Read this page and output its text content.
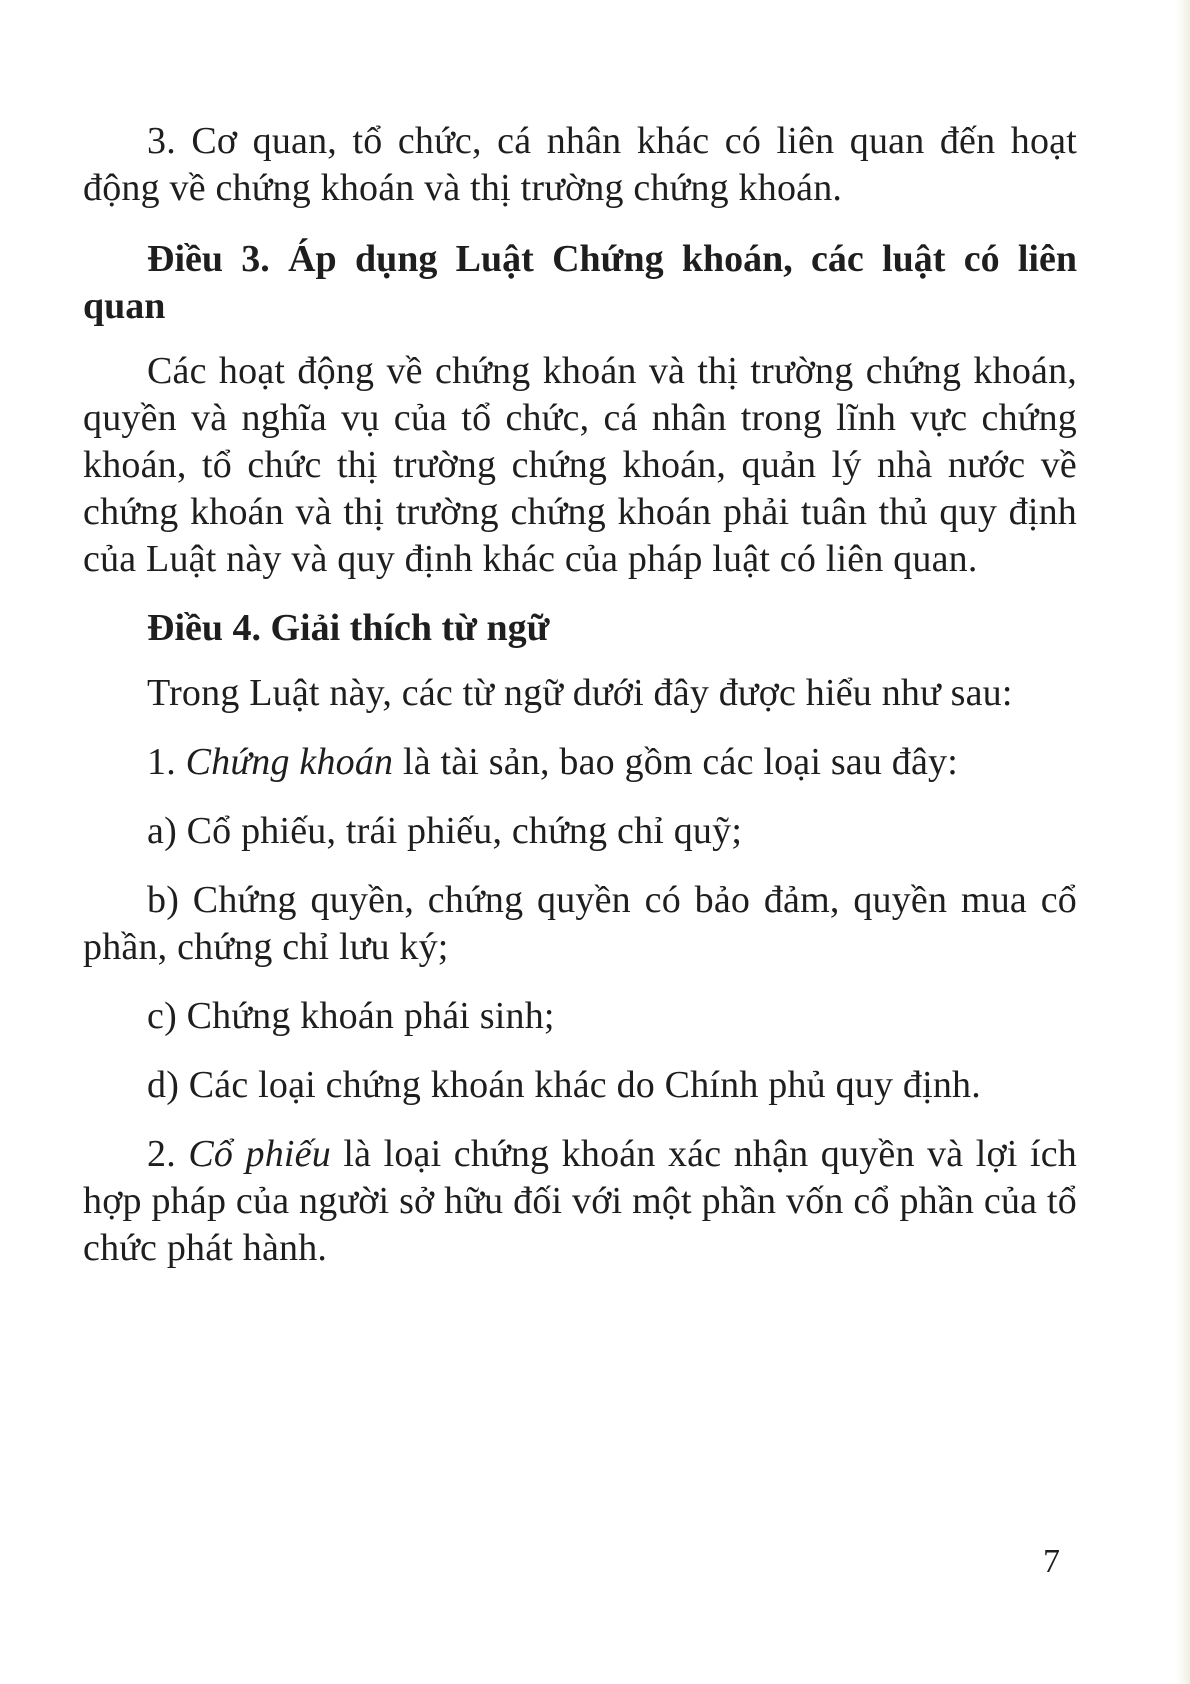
3. Cơ quan, tổ chức, cá nhân khác có liên quan đến hoạt động về chứng khoán và thị trường chứng khoán.

Điều 3. Áp dụng Luật Chứng khoán, các luật có liên quan

Các hoạt động về chứng khoán và thị trường chứng khoán, quyền và nghĩa vụ của tổ chức, cá nhân trong lĩnh vực chứng khoán, tổ chức thị trường chứng khoán, quản lý nhà nước về chứng khoán và thị trường chứng khoán phải tuân thủ quy định của Luật này và quy định khác của pháp luật có liên quan.

Điều 4. Giải thích từ ngữ

Trong Luật này, các từ ngữ dưới đây được hiểu như sau:

1. Chứng khoán là tài sản, bao gồm các loại sau đây:

a) Cổ phiếu, trái phiếu, chứng chỉ quỹ;

b) Chứng quyền, chứng quyền có bảo đảm, quyền mua cổ phần, chứng chỉ lưu ký;

c) Chứng khoán phái sinh;

d) Các loại chứng khoán khác do Chính phủ quy định.

2. Cổ phiếu là loại chứng khoán xác nhận quyền và lợi ích hợp pháp của người sở hữu đối với một phần vốn cổ phần của tổ chức phát hành.

7
